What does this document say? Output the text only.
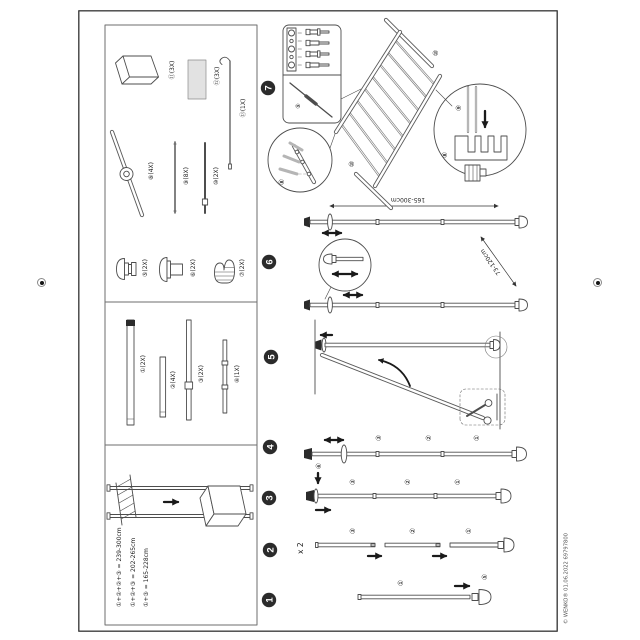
①+②+②+③ = 239-300cm ①+②+③ = 202-265cm ①+③ = 165-228cm
①(2X)
②(4X)	③(2X)	④(1X)
⑤(2X)	⑥(2X)	⑦(2X)
⑧(4X)	⑨(8X)	⑩(2X)
⑪(3X)	⑫(3X)
⑬(1X)
1
2
3
4
5
6
7
①
⑤
x 2
③	②	①
⑥
③	②	①
③	②	①
165-300cm
73-120cm
⑨
⑩
⑩
⑧
⑨
⑧
© WENKO® 01.06.2022 69797800
